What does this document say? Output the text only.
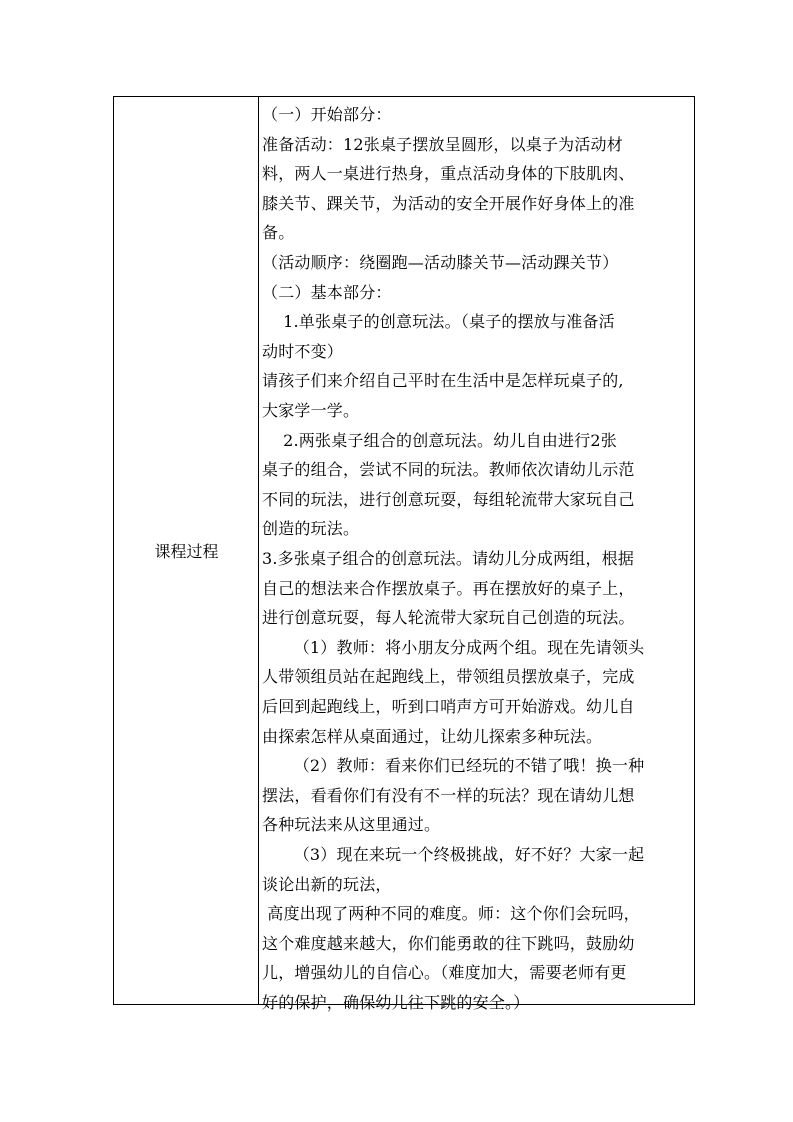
课程过程
（一）开始部分：
准备活动：12张桌子摆放呈圆形，以桌子为活动材
料，两人一桌进行热身，重点活动身体的下肢肌肉、
膝关节、踝关节，为活动的安全开展作好身体上的准
备。
（活动顺序：绕圈跑—活动膝关节—活动踝关节）
（二）基本部分：
1.单张桌子的创意玩法。（桌子的摆放与准备活
动时不变）
请孩子们来介绍自己平时在生活中是怎样玩桌子的,
大家学一学。
2.两张桌子组合的创意玩法。幼儿自由进行2张
桌子的组合，尝试不同的玩法。教师依次请幼儿示范
不同的玩法，进行创意玩耍，每组轮流带大家玩自己
创造的玩法。
3.多张桌子组合的创意玩法。请幼儿分成两组，根据
自己的想法来合作摆放桌子。再在摆放好的桌子上，
进行创意玩耍，每人轮流带大家玩自己创造的玩法。
（1）教师：将小朋友分成两个组。现在先请领头
人带领组员站在起跑线上，带领组员摆放桌子，完成
后回到起跑线上，听到口哨声方可开始游戏。幼儿自
由探索怎样从桌面通过，让幼儿探索多种玩法。
（2）教师：看来你们已经玩的不错了哦！换一种
摆法，看看你们有没有不一样的玩法？现在请幼儿想
各种玩法来从这里通过。
（3）现在来玩一个终极挑战，好不好？大家一起
谈论出新的玩法，
高度出现了两种不同的难度。师：这个你们会玩吗，
这个难度越来越大，你们能勇敢的往下跳吗，鼓励幼
儿，增强幼儿的自信心。（难度加大，需要老师有更
好的保护，确保幼儿往下跳的安全。）
